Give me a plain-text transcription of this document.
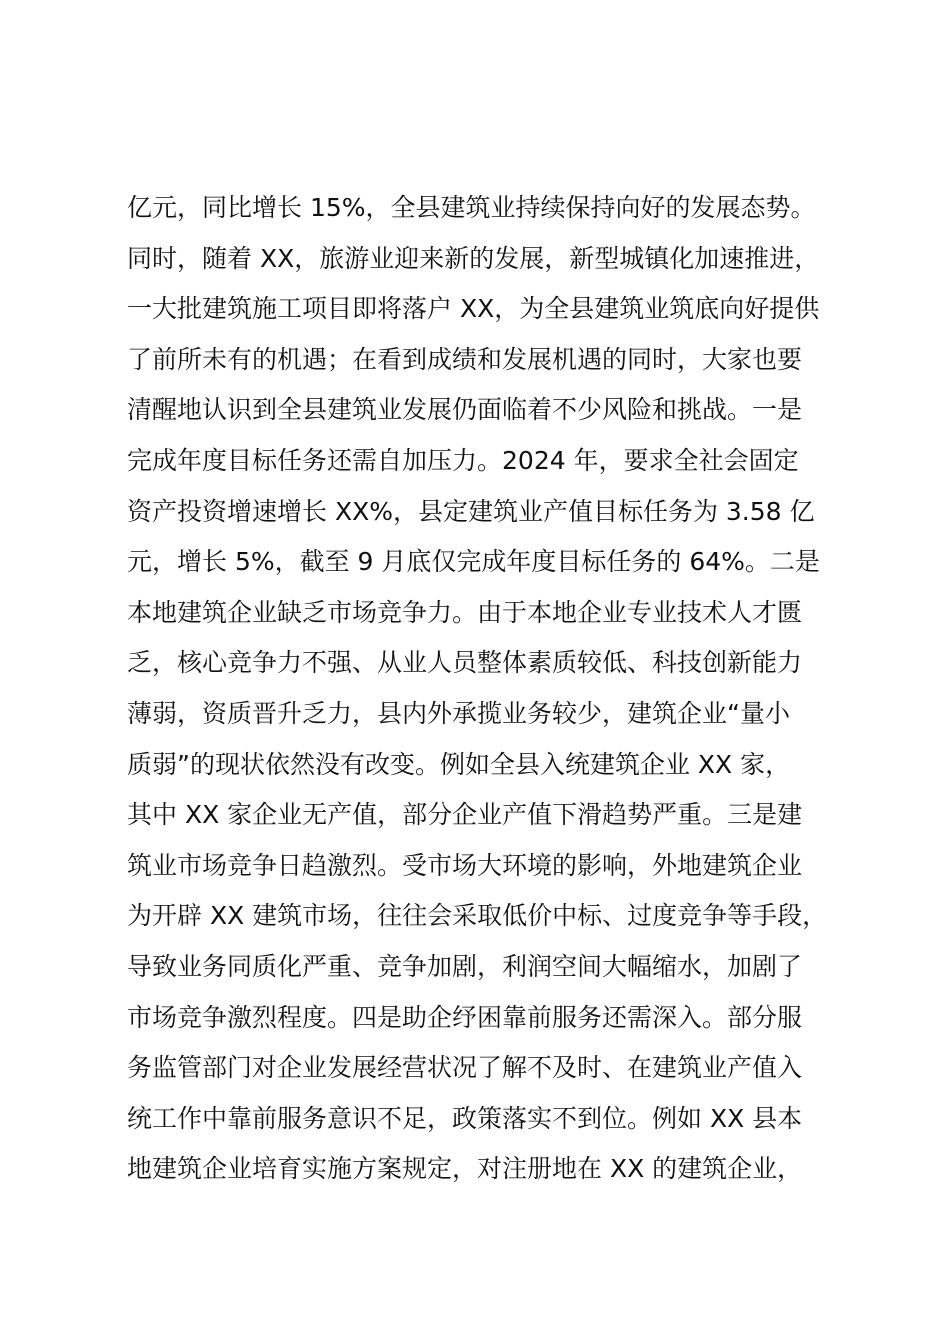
亿元，同比增长 15%，全县建筑业持续保持向好的发展态势。
同时，随着 XX，旅游业迎来新的发展，新型城镇化加速推进，
一大批建筑施工项目即将落户 XX，为全县建筑业筑底向好提供
了前所未有的机遇；在看到成绩和发展机遇的同时，大家也要
清醒地认识到全县建筑业发展仍面临着不少风险和挑战。一是
完成年度目标任务还需自加压力。2024 年，要求全社会固定
资产投资增速增长 XX%，县定建筑业产值目标任务为 3.58 亿
元，增长 5%，截至 9 月底仅完成年度目标任务的 64%。二是
本地建筑企业缺乏市场竞争力。由于本地企业专业技术人才匮
乏，核心竞争力不强、从业人员整体素质较低、科技创新能力
薄弱，资质晋升乏力，县内外承揽业务较少，建筑企业“量小
质弱”的现状依然没有改变。例如全县入统建筑企业 XX 家，
其中 XX 家企业无产值，部分企业产值下滑趋势严重。三是建
筑业市场竞争日趋激烈。受市场大环境的影响，外地建筑企业
为开辟 XX 建筑市场，往往会采取低价中标、过度竞争等手段，
导致业务同质化严重、竞争加剧，利润空间大幅缩水，加剧了
市场竞争激烈程度。四是助企纾困靠前服务还需深入。部分服
务监管部门对企业发展经营状况了解不及时、在建筑业产值入
统工作中靠前服务意识不足，政策落实不到位。例如 XX 县本
地建筑企业培育实施方案规定，对注册地在 XX 的建筑企业，
